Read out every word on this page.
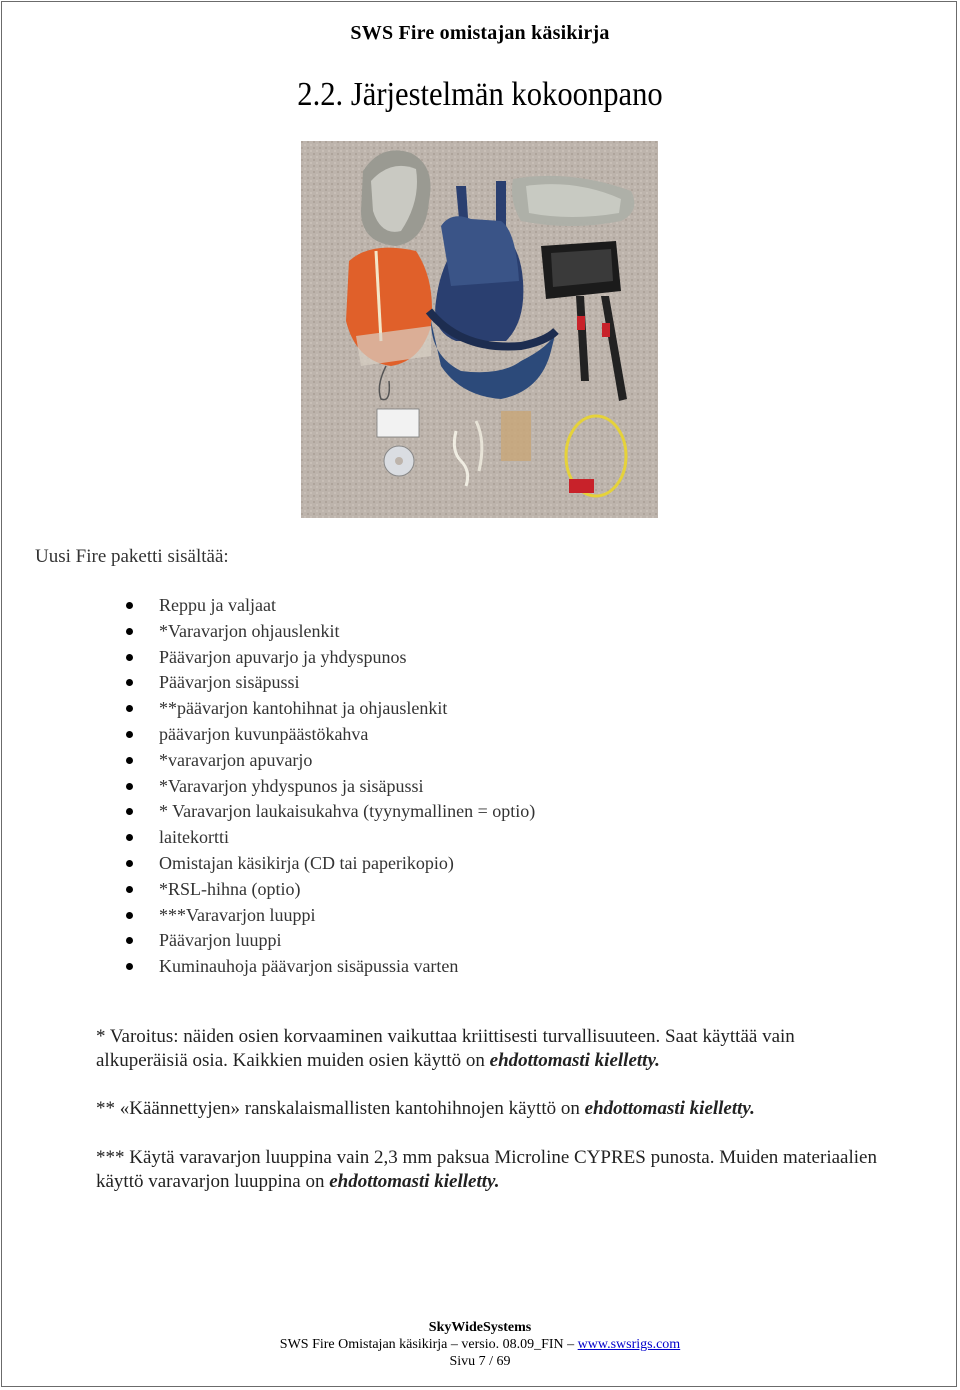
SWS Fire omistajan käsikirja
2.2. Järjestelmän kokoonpano
Uusi Fire paketti sisältää:
Reppu ja valjaat
*Varavarjon ohjauslenkit
Päävarjon apuvarjo ja yhdyspunos
Päävarjon sisäpussi
**päävarjon kantohihnat ja ohjauslenkit
päävarjon kuvunpäästökahva
*varavarjon apuvarjo
*Varavarjon yhdyspunos ja sisäpussi
* Varavarjon laukaisukahva (tyynymallinen = optio)
laitekortti
Omistajan käsikirja (CD tai paperikopio)
*RSL-hihna (optio)
***Varavarjon luuppi
Päävarjon luuppi
Kuminauhoja päävarjon sisäpussia varten
* Varoitus: näiden osien korvaaminen vaikuttaa kriittisesti turvallisuuteen. Saat käyttää vain alkuperäisiä osia. Kaikkien muiden osien käyttö on ehdottomasti kielletty.
** «Käännettyjen» ranskalaismallisten kantohihnojen käyttö on ehdottomasti kielletty.
*** Käytä varavarjon luuppina vain 2,3 mm paksua Microline CYPRES punosta. Muiden materiaalien käyttö varavarjon luuppina on ehdottomasti kielletty.
SkyWideSystems
SWS Fire Omistajan käsikirja – versio. 08.09_FIN – www.swsrigs.com
Sivu 7 / 69
